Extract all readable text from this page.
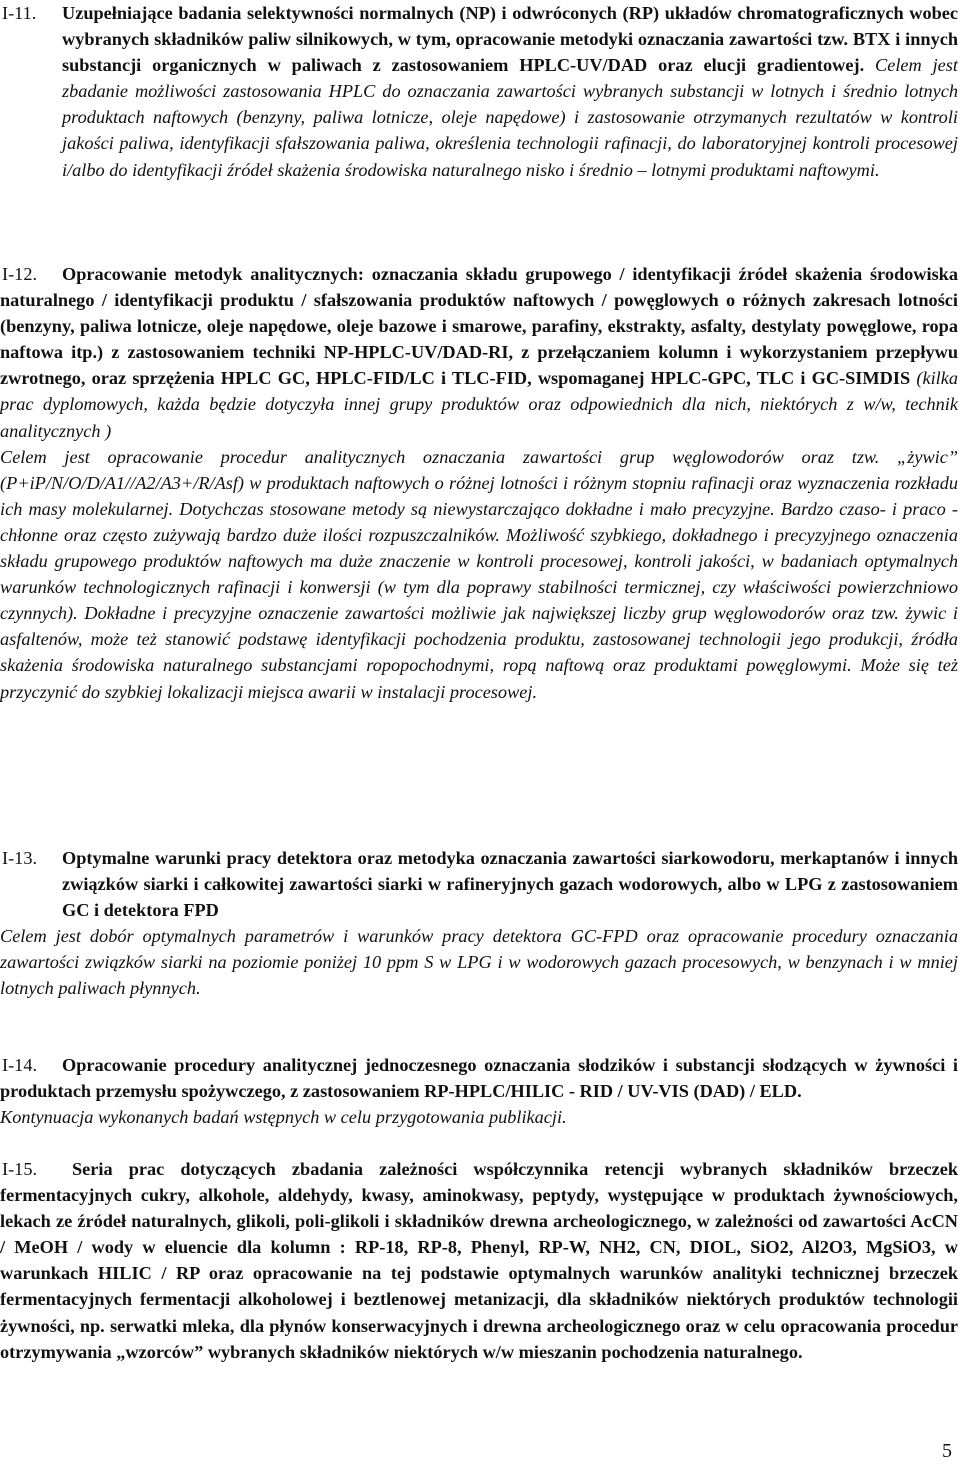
I-11.	Uzupełniające badania selektywności normalnych (NP) i odwróconych (RP) układów chromatograficznych wobec wybranych składników paliw silnikowych, w tym, opracowanie metodyki oznaczania zawartości tzw. BTX i innych substancji organicznych w paliwach z zastosowaniem HPLC-UV/DAD oraz elucji gradientowej. Celem jest zbadanie możliwości zastosowania HPLC do oznaczania zawartości wybranych substancji w lotnych i średnio lotnych produktach naftowych (benzyny, paliwa lotnicze, oleje napędowe) i zastosowanie otrzymanych rezultatów w kontroli jakości paliwa, identyfikacji sfałszowania paliwa, określenia technologii rafinacji, do laboratoryjnej kontroli procesowej i/albo do identyfikacji źródeł skażenia środowiska naturalnego nisko i średnio – lotnymi produktami naftowymi.

I-12.	Opracowanie metodyk analitycznych: oznaczania składu grupowego / identyfikacji źródeł skażenia środowiska naturalnego / identyfikacji produktu / sfałszowania produktów naftowych / powęglowych o różnych zakresach lotności (benzyny, paliwa lotnicze, oleje napędowe, oleje bazowe i smarowe, parafiny, ekstrakty, asfalty, destylaty powęglowe, ropa naftowa itp.) z zastosowaniem techniki NP-HPLC-UV/DAD-RI, z przełączaniem kolumn i wykorzystaniem przepływu zwrotnego, oraz sprzężenia HPLC GC, HPLC-FID/LC i TLC-FID, wspomaganej HPLC-GPC, TLC i GC-SIMDIS (kilka prac dyplomowych, każda będzie dotyczyła innej grupy produktów oraz odpowiednich dla nich, niektórych z w/w, technik analitycznych )
Celem jest opracowanie procedur analitycznych oznaczania zawartości grup węglowodorów oraz tzw. „żywic” (P+iP/N/O/D/A1//A2/A3+/R/Asf) w produktach naftowych o różnej lotności i różnym stopniu rafinacji oraz wyznaczenia rozkładu ich masy molekularnej. Dotychczas stosowane metody są niewystarczająco dokładne i mało precyzyjne. Bardzo czaso- i praco - chłonne oraz często zużywają bardzo duże ilości rozpuszczalników. Możliwość szybkiego, dokładnego i precyzyjnego oznaczenia składu grupowego produktów naftowych ma duże znaczenie w kontroli procesowej, kontroli jakości, w badaniach optymalnych warunków technologicznych rafinacji i konwersji (w tym dla poprawy stabilności termicznej, czy właściwości powierzchniowo czynnych). Dokładne i precyzyjne oznaczenie zawartości możliwie jak największej liczby grup węglowodorów oraz tzw. żywic i asfaltenów, może też stanowić podstawę identyfikacji pochodzenia produktu, zastosowanej technologii jego produkcji, źródła skażenia środowiska naturalnego substancjami ropopochodnymi, ropą naftową oraz produktami powęglowymi. Może się też przyczynić do szybkiej lokalizacji miejsca awarii w instalacji procesowej.

I-13.	Optymalne warunki pracy detektora oraz metodyka oznaczania zawartości siarkowodoru, merkaptanów i innych związków siarki i całkowitej zawartości siarki w rafineryjnych gazach wodorowych, albo w LPG z zastosowaniem GC i detektora FPD

Celem jest dobór optymalnych parametrów i warunków pracy detektora GC-FPD oraz opracowanie procedury oznaczania zawartości związków siarki na poziomie poniżej 10 ppm S w LPG i w wodorowych gazach procesowych, w benzynach i w mniej lotnych paliwach płynnych.

I-14.	Opracowanie procedury analitycznej jednoczesnego oznaczania słodzików i substancji słodzących w żywności i produktach przemysłu spożywczego, z zastosowaniem RP-HPLC/HILIC - RID / UV-VIS (DAD) / ELD.

Kontynuacja wykonanych badań wstępnych w celu przygotowania publikacji.

I-15.	Seria prac dotyczących zbadania zależności współczynnika retencji wybranych składników brzeczek fermentacyjnych cukry, alkohole, aldehydy, kwasy, aminokwasy, peptydy, występujące w produktach żywnościowych, lekach ze źródeł naturalnych, glikoli, poli-glikoli i składników drewna archeologicznego, w zależności od zawartości AcCN / MeOH / wody w eluencie dla kolumn : RP-18, RP-8, Phenyl, RP-W, NH2, CN, DIOL, SiO2, Al2O3, MgSiO3, w warunkach HILIC / RP oraz opracowanie na tej podstawie optymalnych warunków analityki technicznej brzeczek fermentacyjnych fermentacji alkoholowej i beztlenowej metanizacji, dla składników niektórych produktów technologii żywności, np. serwatki mleka, dla płynów konserwacyjnych i drewna archeologicznego oraz w celu opracowania procedur otrzymywania „wzorców” wybranych składników niektórych w/w mieszanin pochodzenia naturalnego.

5
